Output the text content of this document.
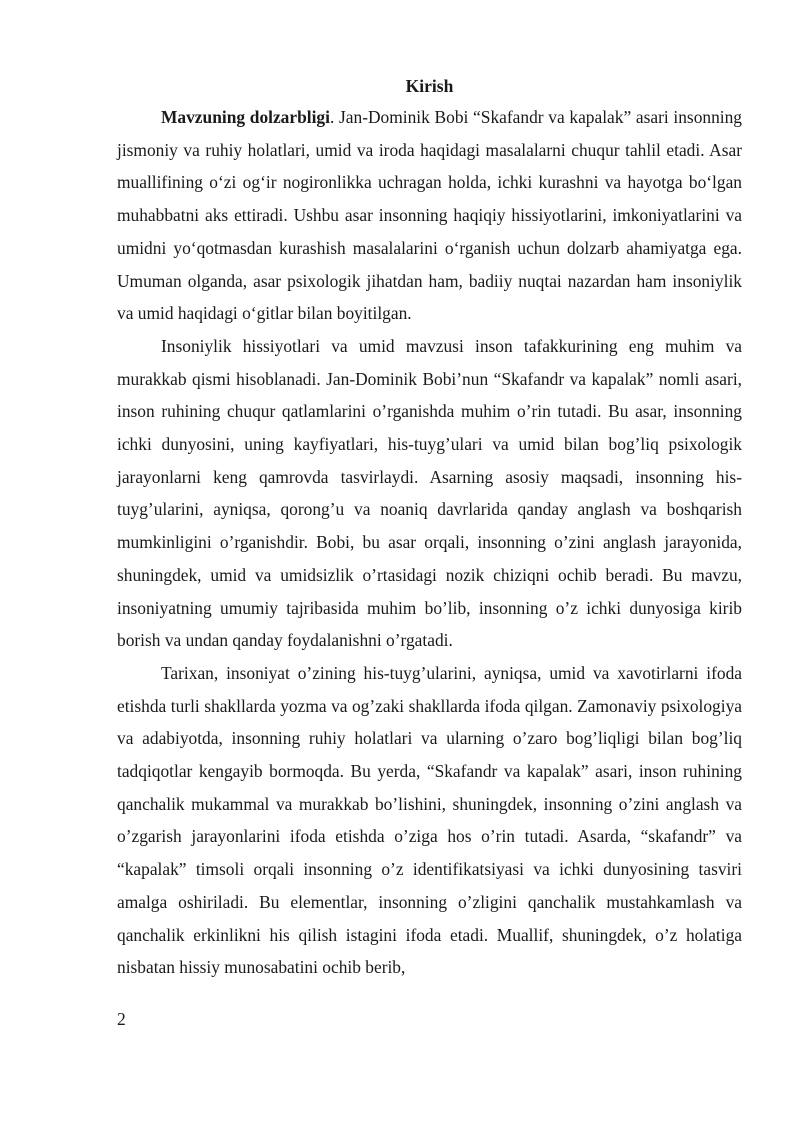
Kirish

Mavzuning dolzarbligi. Jan-Dominik Bobi “Skafandr va kapalak” asari insonning jismoniy va ruhiy holatlari, umid va iroda haqidagi masalalarni chuqur tahlil etadi. Asar muallifining o‘zi og‘ir nogironlikka uchragan holda, ichki kurashni va hayotga bo‘lgan muhabbatni aks ettiradi. Ushbu asar insonning haqiqiy hissiyotlarini, imkoniyatlarini va umidni yo‘qotmasdan kurashish masalalarini o‘rganish uchun dolzarb ahamiyatga ega. Umuman olganda, asar psixologik jihatdan ham, badiiy nuqtai nazardan ham insoniylik va umid haqidagi o‘gitlar bilan boyitilgan.

Insoniylik hissiyotlari va umid mavzusi inson tafakkurining eng muhim va murakkab qismi hisoblanadi. Jan-Dominik Bobi’nun “Skafandr va kapalak” nomli asari, inson ruhining chuqur qatlamlarini o’rganishda muhim o’rin tutadi. Bu asar, insonning ichki dunyosini, uning kayfiyatlari, his-tuyg’ulari va umid bilan bog’liq psixologik jarayonlarni keng qamrovda tasvirlaydi. Asarning asosiy maqsadi, insonning his-tuyg’ularini, ayniqsa, qorong’u va noaniq davrlarida qanday anglash va boshqarish mumkinligini o’rganishdir. Bobi, bu asar orqali, insonning o’zini anglash jarayonida, shuningdek, umid va umidsizlik o’rtasidagi nozik chiziqni ochib beradi. Bu mavzu, insoniyatning umumiy tajribasida muhim bo’lib, insonning o’z ichki dunyosiga kirib borish va undan qanday foydalanishni o’rgatadi.

Tarixan, insoniyat o’zining his-tuyg’ularini, ayniqsa, umid va xavotirlarni ifoda etishda turli shakllarda yozma va og’zaki shakllarda ifoda qilgan. Zamonaviy psixologiya va adabiyotda, insonning ruhiy holatlari va ularning o’zaro bog’liqligi bilan bog’liq tadqiqotlar kengayib bormoqda. Bu yerda, “Skafandr va kapalak” asari, inson ruhining qanchalik mukammal va murakkab bo’lishini, shuningdek, insonning o’zini anglash va o’zgarish jarayonlarini ifoda etishda o’ziga hos o’rin tutadi. Asarda, “skafandr” va “kapalak” timsoli orqali insonning o’z identifikatsiyasi va ichki dunyosining tasviri amalga oshiriladi. Bu elementlar, insonning o’zligini qanchalik mustahkamlash va qanchalik erkinlikni his qilish istagini ifoda etadi. Muallif, shuningdek, o’z holatiga nisbatan hissiy munosabatini ochib berib,

2
